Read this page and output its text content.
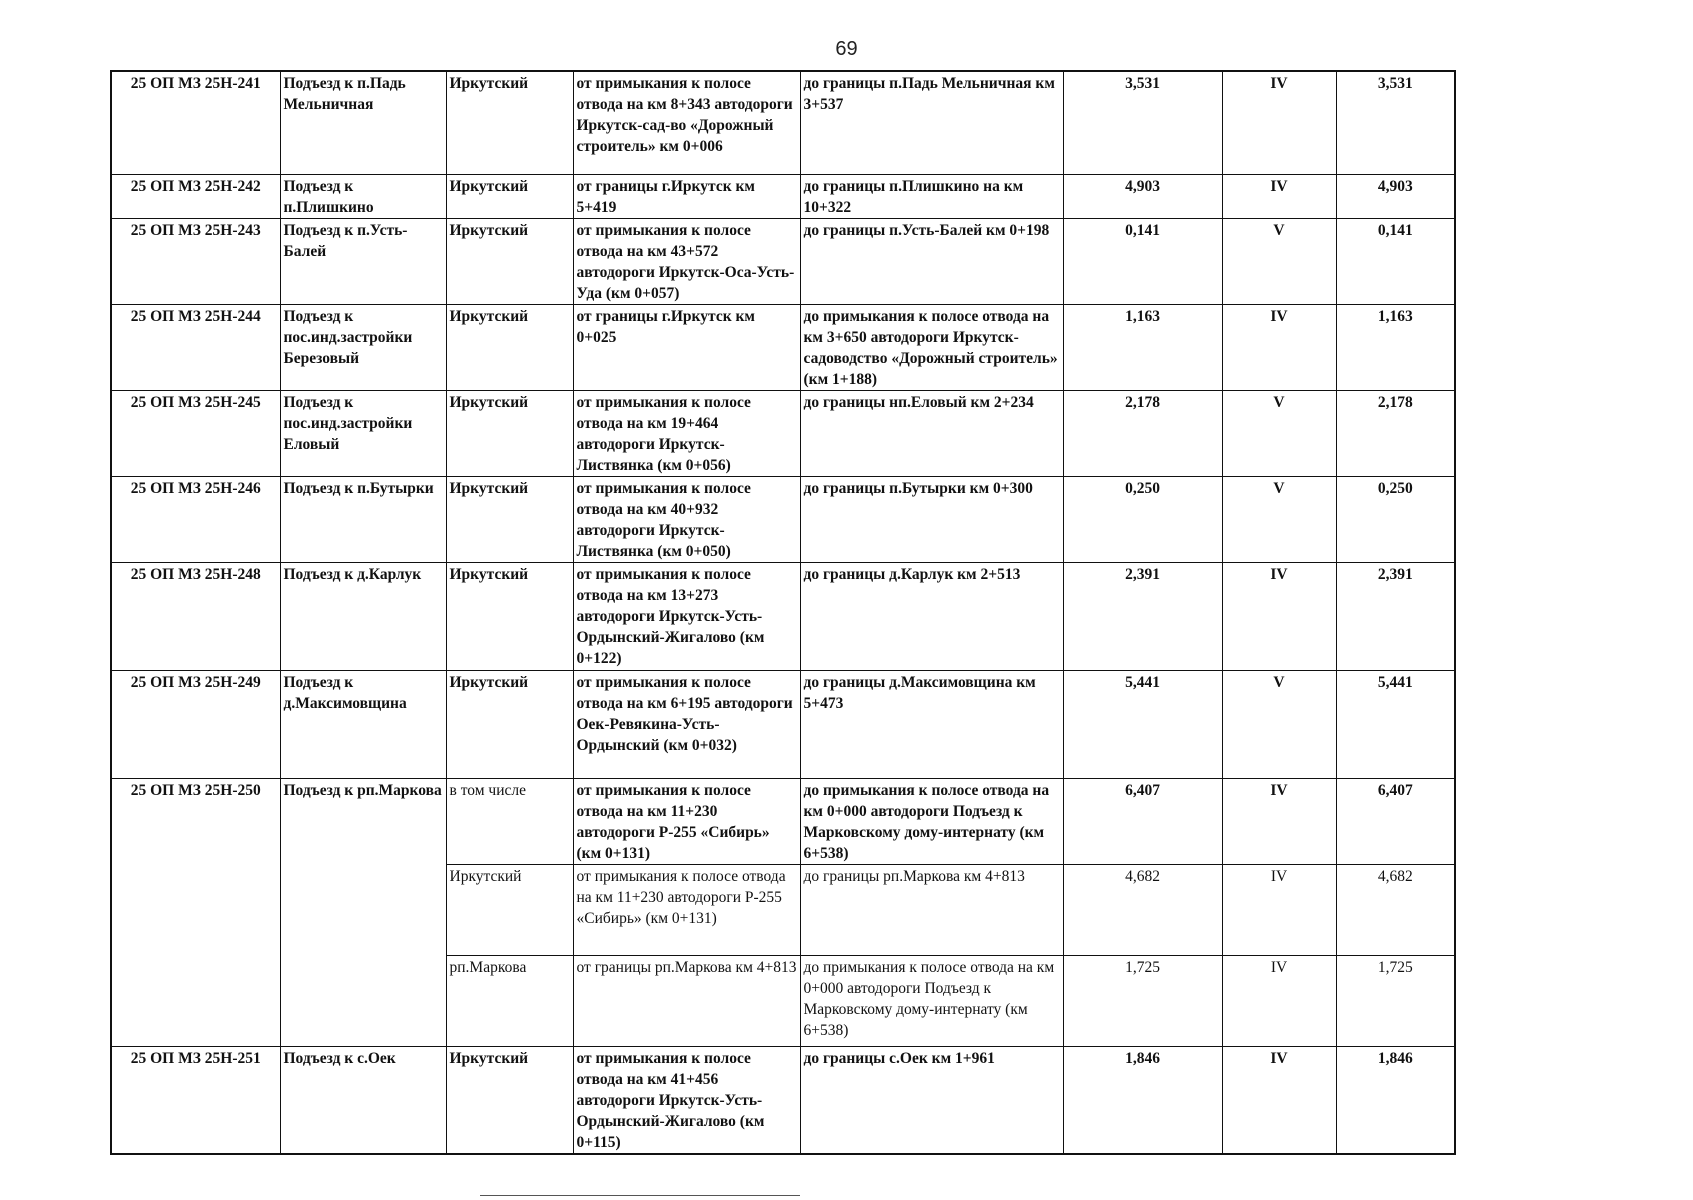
69
25 ОП МЗ 25Н-241	Подъезд к п.Падь Мельничная	Иркутский	от примыкания к полосе отвода на км 8+343 автодороги Иркутск-сад-во «Дорожный строитель» км 0+006	до границы п.Падь Мельничная км 3+537	3,531	IV	3,531
25 ОП МЗ 25Н-242	Подъезд к п.Плишкино	Иркутский	от границы г.Иркутск км 5+419	до границы п.Плишкино на км 10+322	4,903	IV	4,903
25 ОП МЗ 25Н-243	Подъезд к п.Усть-Балей	Иркутский	от примыкания к полосе отвода на км 43+572 автодороги Иркутск-Оса-Усть-Уда (км 0+057)	до границы п.Усть-Балей км 0+198	0,141	V	0,141
25 ОП МЗ 25Н-244	Подъезд к пос.инд.застройки Березовый	Иркутский	от границы г.Иркутск км 0+025	до примыкания к полосе отвода на км 3+650 автодороги Иркутск-садоводство «Дорожный строитель» (км 1+188)	1,163	IV	1,163
25 ОП МЗ 25Н-245	Подъезд к пос.инд.застройки Еловый	Иркутский	от примыкания к полосе отвода на км 19+464 автодороги Иркутск-Листвянка (км 0+056)	до границы нп.Еловый км 2+234	2,178	V	2,178
25 ОП МЗ 25Н-246	Подъезд к п.Бутырки	Иркутский	от примыкания к полосе отвода на км 40+932 автодороги Иркутск-Листвянка (км 0+050)	до границы п.Бутырки км 0+300	0,250	V	0,250
25 ОП МЗ 25Н-248	Подъезд к д.Карлук	Иркутский	от примыкания к полосе отвода на км 13+273 автодороги Иркутск-Усть-Ордынский-Жигалово (км 0+122)	до границы д.Карлук км 2+513	2,391	IV	2,391
25 ОП МЗ 25Н-249	Подъезд к д.Максимовщина	Иркутский	от примыкания к полосе отвода на км 6+195 автодороги Оек-Ревякина-Усть-Ордынский (км 0+032)	до границы д.Максимовщина км 5+473	5,441	V	5,441
25 ОП МЗ 25Н-250	Подъезд к рп.Маркова	в том числе	от примыкания к полосе отвода на км 11+230 автодороги Р-255 «Сибирь» (км 0+131)	до примыкания к полосе отвода на км 0+000 автодороги Подъезд к Марковскому дому-интернату (км 6+538)	6,407	IV	6,407
		Иркутский	от примыкания к полосе отвода на км 11+230 автодороги Р-255 «Сибирь» (км 0+131)	до границы рп.Маркова км 4+813	4,682	IV	4,682
		рп.Маркова	от границы рп.Маркова км 4+813	до примыкания к полосе отвода на км 0+000 автодороги Подъезд к Марковскому дому-интернату (км 6+538)	1,725	IV	1,725
25 ОП МЗ 25Н-251	Подъезд к с.Оек	Иркутский	от примыкания к полосе отвода на км 41+456 автодороги Иркутск-Усть-Ордынский-Жигалово (км 0+115)	до границы с.Оек км 1+961	1,846	IV	1,846
